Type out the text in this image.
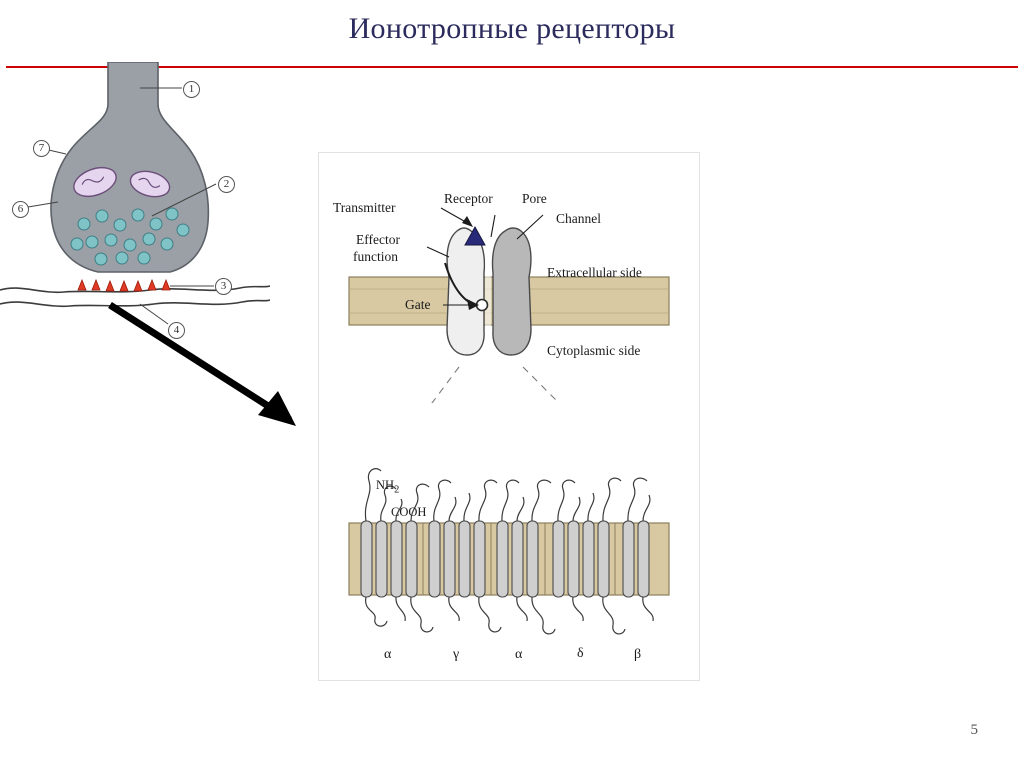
Ионотропные рецепторы
1
2
3
4
6
7
Transmitter
Receptor Pore
Channel
Effector
function
Gate
Extracellular side
Cytoplasmic side
$NH_2$
COOH
α	γ	α	δ	β
5
